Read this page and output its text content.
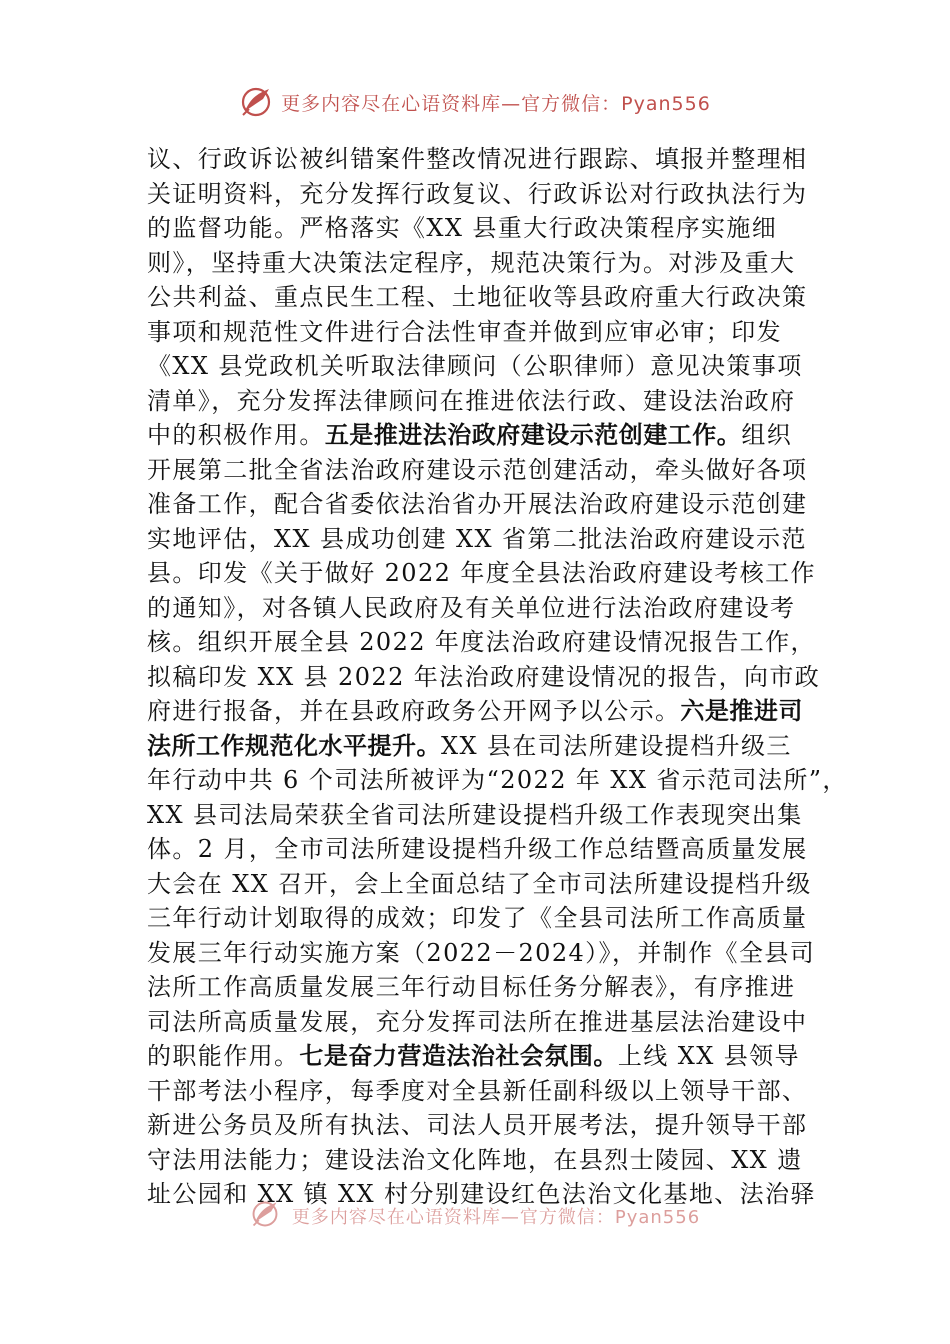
更多内容尽在心语资料库—官方微信：Pyan556
议、行政诉讼被纠错案件整改情况进行跟踪、填报并整理相
关证明资料，充分发挥行政复议、行政诉讼对行政执法行为
的监督功能。严格落实《XX 县重大行政决策程序实施细
则》，坚持重大决策法定程序，规范决策行为。对涉及重大
公共利益、重点民生工程、土地征收等县政府重大行政决策
事项和规范性文件进行合法性审查并做到应审必审；印发
《XX 县党政机关听取法律顾问（公职律师）意见决策事项
清单》，充分发挥法律顾问在推进依法行政、建设法治政府
中的积极作用。五是推进法治政府建设示范创建工作。组织
开展第二批全省法治政府建设示范创建活动，牵头做好各项
准备工作，配合省委依法治省办开展法治政府建设示范创建
实地评估，XX 县成功创建 XX 省第二批法治政府建设示范
县。印发《关于做好 2022 年度全县法治政府建设考核工作
的通知》，对各镇人民政府及有关单位进行法治政府建设考
核。组织开展全县 2022 年度法治政府建设情况报告工作，
拟稿印发 XX 县 2022 年法治政府建设情况的报告，向市政
府进行报备，并在县政府政务公开网予以公示。六是推进司
法所工作规范化水平提升。XX 县在司法所建设提档升级三
年行动中共 6 个司法所被评为“2022 年 XX 省示范司法所”，
XX 县司法局荣获全省司法所建设提档升级工作表现突出集
体。2 月，全市司法所建设提档升级工作总结暨高质量发展
大会在 XX 召开，会上全面总结了全市司法所建设提档升级
三年行动计划取得的成效；印发了《全县司法所工作高质量
发展三年行动实施方案（2022－2024）》，并制作《全县司
法所工作高质量发展三年行动目标任务分解表》，有序推进
司法所高质量发展，充分发挥司法所在推进基层法治建设中
的职能作用。七是奋力营造法治社会氛围。上线 XX 县领导
干部考法小程序，每季度对全县新任副科级以上领导干部、
新进公务员及所有执法、司法人员开展考法，提升领导干部
守法用法能力；建设法治文化阵地，在县烈士陵园、XX 遗
址公园和 XX 镇 XX 村分别建设红色法治文化基地、法治驿
更多内容尽在心语资料库—官方微信：Pyan556
